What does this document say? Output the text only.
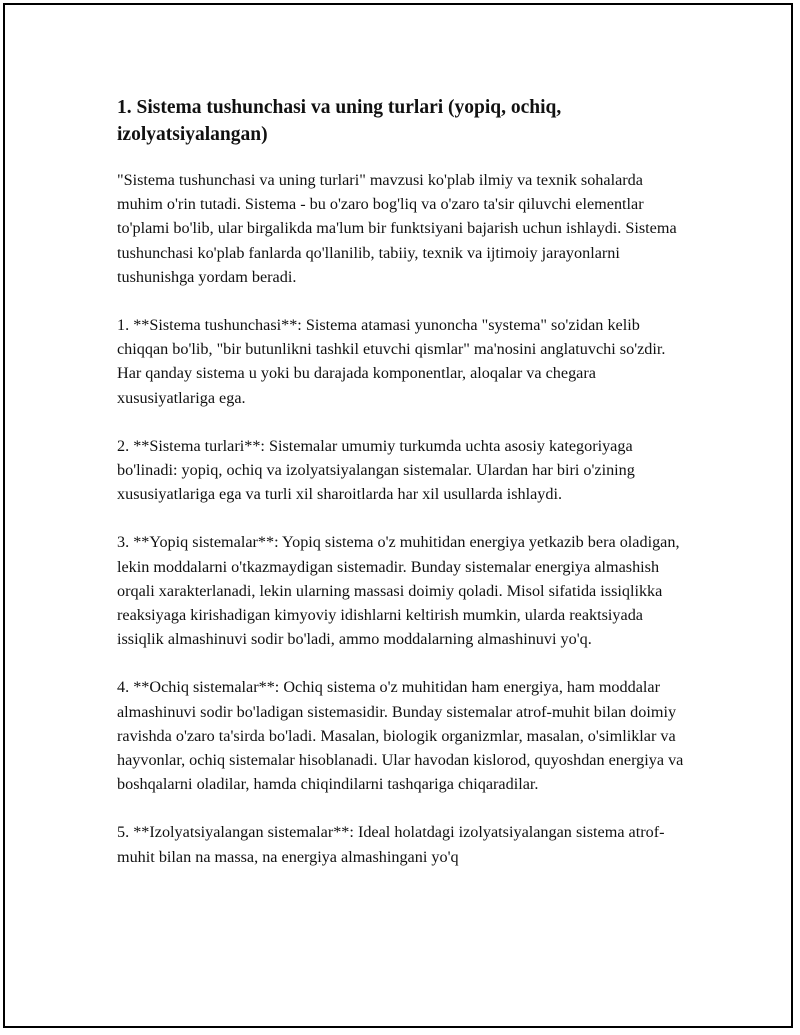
1. Sistema tushunchasi va uning turlari (yopiq, ochiq, izolyatsiyalangan)

"Sistema tushunchasi va uning turlari" mavzusi ko'plab ilmiy va texnik sohalarda muhim o'rin tutadi. Sistema - bu o'zaro bog'liq va o'zaro ta'sir qiluvchi elementlar to'plami bo'lib, ular birgalikda ma'lum bir funktsiyani bajarish uchun ishlaydi. Sistema tushunchasi ko'plab fanlarda qo'llanilib, tabiiy, texnik va ijtimoiy jarayonlarni tushunishga yordam beradi.

1. **Sistema tushunchasi**: Sistema atamasi yunoncha "systema" so'zidan kelib chiqqan bo'lib, "bir butunlikni tashkil etuvchi qismlar" ma'nosini anglatuvchi so'zdir. Har qanday sistema u yoki bu darajada komponentlar, aloqalar va chegara xususiyatlariga ega.

2. **Sistema turlari**: Sistemalar umumiy turkumda uchta asosiy kategoriyaga bo'linadi: yopiq, ochiq va izolyatsiyalangan sistemalar. Ulardan har biri o'zining xususiyatlariga ega va turli xil sharoitlarda har xil usullarda ishlaydi.

3. **Yopiq sistemalar**: Yopiq sistema o'z muhitidan energiya yetkazib bera oladigan, lekin moddalarni o'tkazmaydigan sistemadir. Bunday sistemalar energiya almashish orqali xarakterlanadi, lekin ularning massasi doimiy qoladi. Misol sifatida issiqlikka reaksiyaga kirishadigan kimyoviy idishlarni keltirish mumkin, ularda reaktsiyada issiqlik almashinuvi sodir bo'ladi, ammo moddalarning almashinuvi yo'q.

4. **Ochiq sistemalar**: Ochiq sistema o'z muhitidan ham energiya, ham moddalar almashinuvi sodir bo'ladigan sistemasidir. Bunday sistemalar atrof-muhit bilan doimiy ravishda o'zaro ta'sirda bo'ladi. Masalan, biologik organizmlar, masalan, o'simliklar va hayvonlar, ochiq sistemalar hisoblanadi. Ular havodan kislorod, quyoshdan energiya va boshqalarni oladilar, hamda chiqindilarni tashqariga chiqaradilar.

5. **Izolyatsiyalangan sistemalar**: Ideal holatdagi izolyatsiyalangan sistema atrof-muhit bilan na massa, na energiya almashingani yo'q
